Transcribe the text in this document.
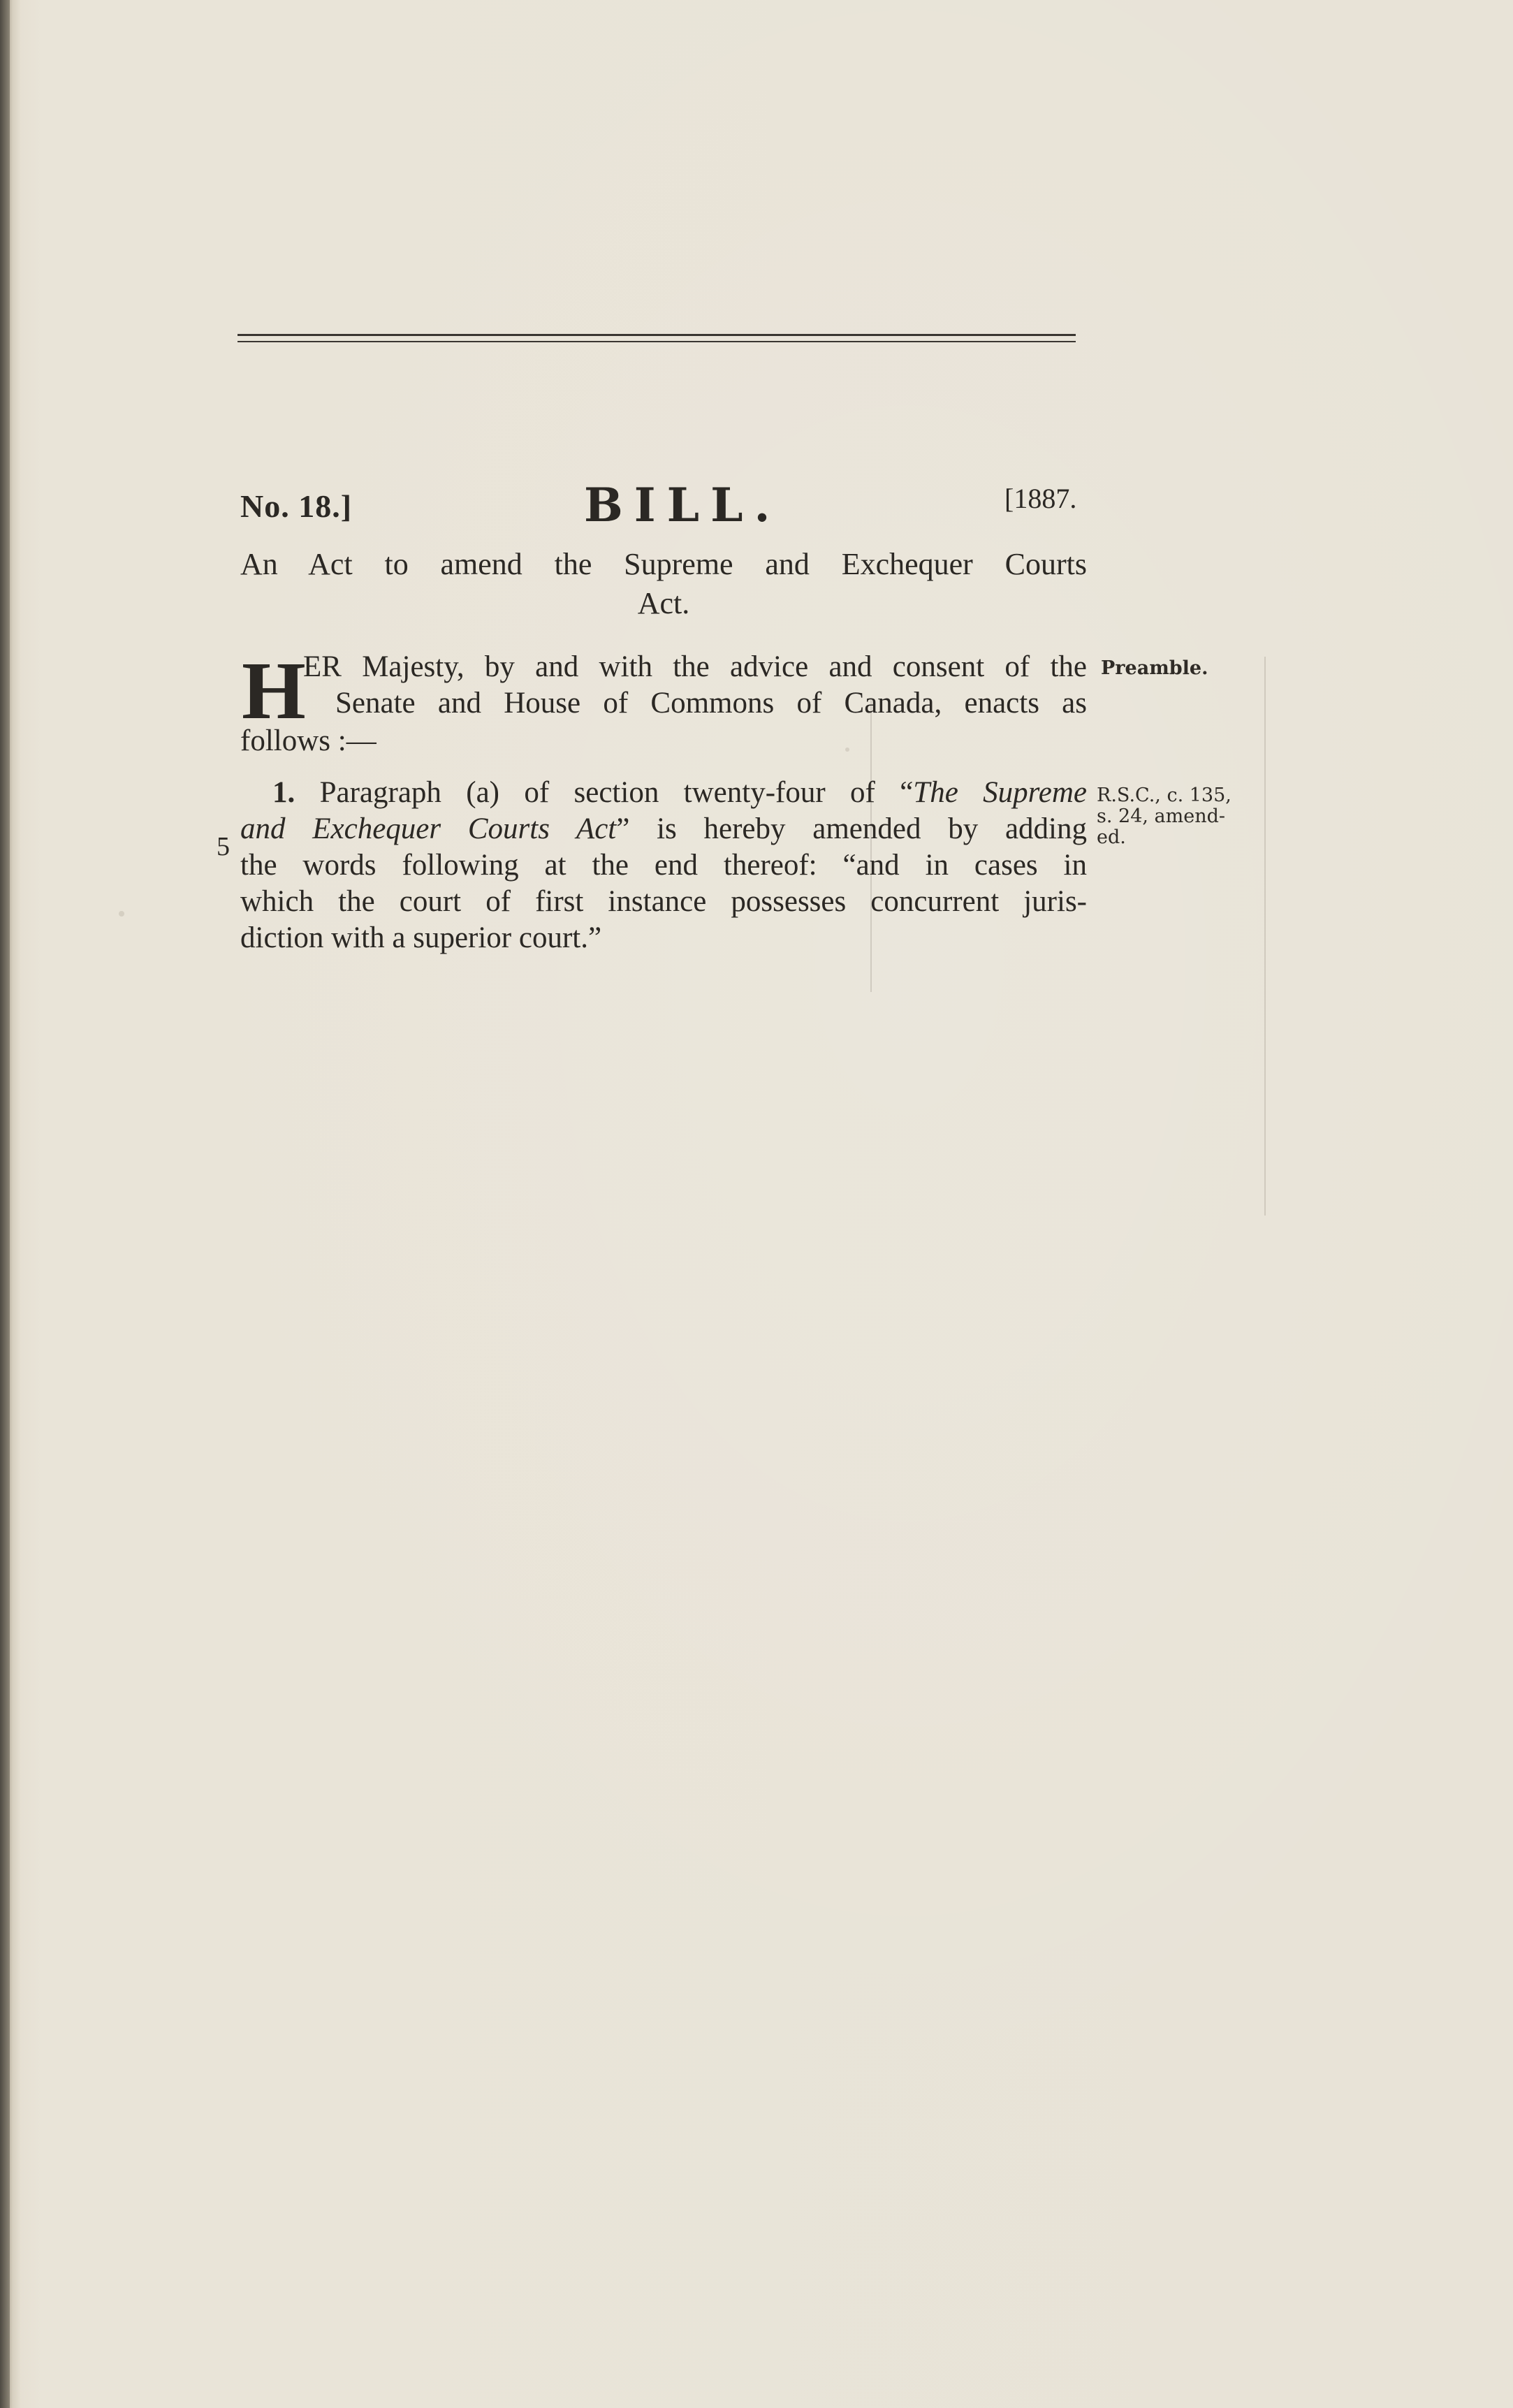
No. 18.]	BILL.	[1887.
An Act to amend the Supreme and Exchequer Courts
Act.
H
ER Majesty, by and with the advice and consent of the
Senate and House of Commons of Canada, enacts as
follows :—
Preamble.
1. Paragraph (a) of section twenty-four of “The Supreme
and Exchequer Courts Act” is hereby amended by adding
the words following at the end thereof: “and in cases in
which the court of first instance possesses concurrent juris-
diction with a superior court.”
5
R.S.C., c. 135, s. 24, amend-ed.
